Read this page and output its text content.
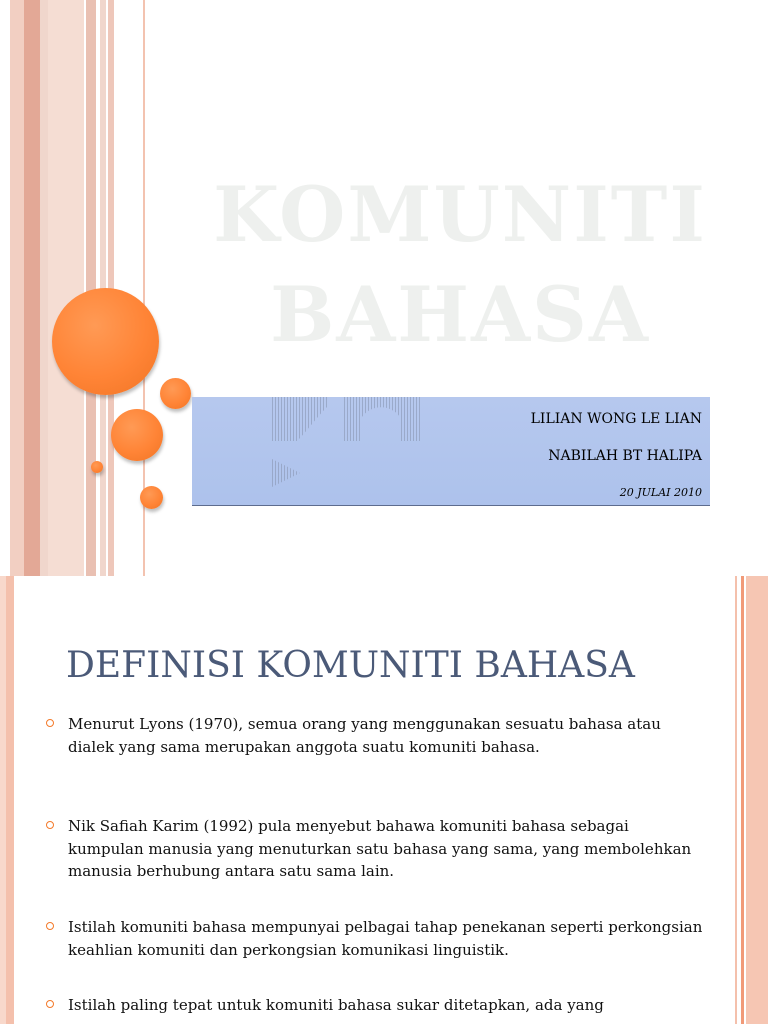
KOMUNITI
BAHASA
LILIAN WONG LE LIAN
NABILAH BT HALIPA
20 JULAI 2010
DEFINISI KOMUNITI BAHASA
Menurut Lyons (1970), semua orang yang menggunakan sesuatu bahasa atau dialek yang sama merupakan anggota suatu komuniti bahasa.
Nik Safiah Karim (1992) pula menyebut bahawa komuniti bahasa sebagai kumpulan manusia yang menuturkan satu bahasa yang sama, yang membolehkan manusia berhubung antara satu sama lain.
Istilah komuniti bahasa mempunyai pelbagai tahap penekanan seperti perkongsian keahlian komuniti dan perkongsian komunikasi linguistik.
Istilah paling tepat untuk komuniti bahasa sukar ditetapkan, ada yang
